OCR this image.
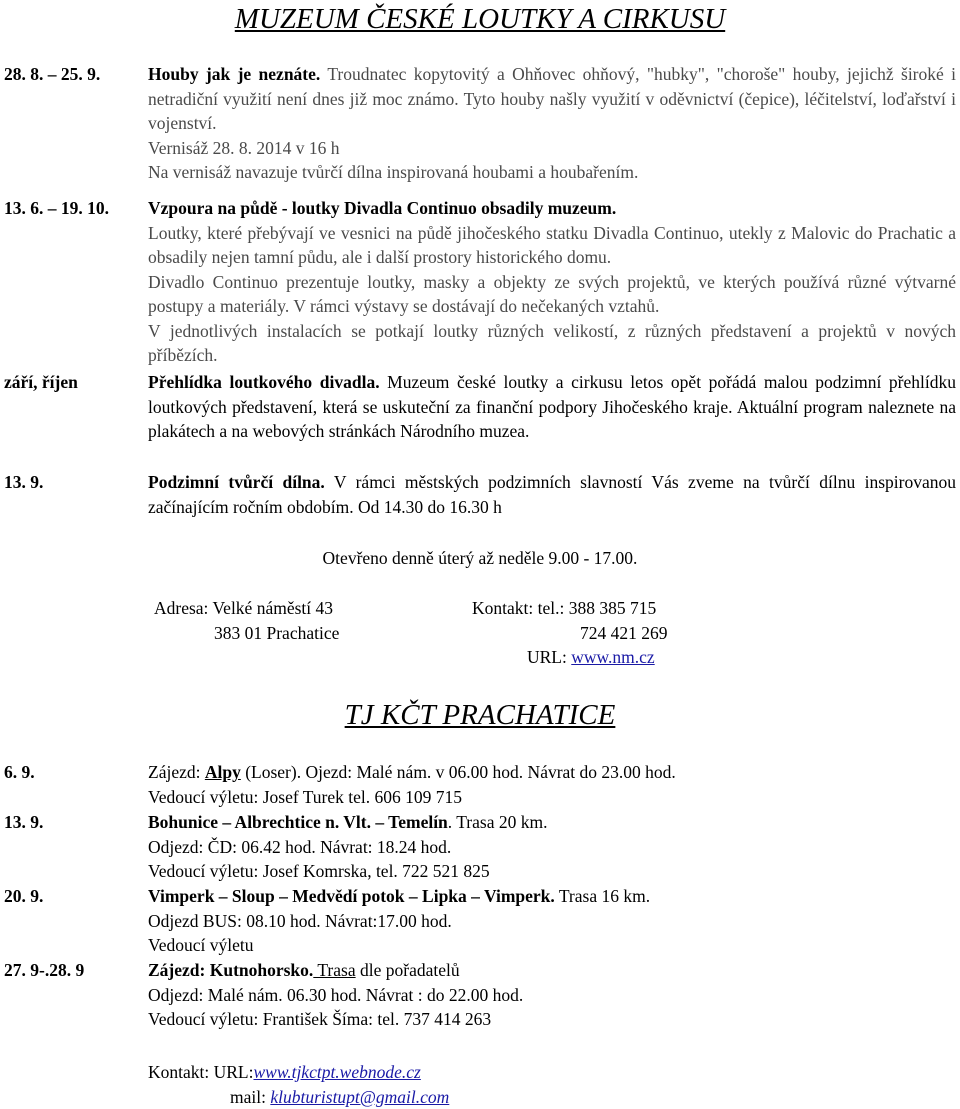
MUZEUM ČESKÉ LOUTKY A CIRKUSU
28. 8. – 25. 9.	Houby jak je neznáte. Troudnatec kopytovitý a Ohňovec ohňový, "hubky", "choroše" houby, jejichž široké i netradiční využití není dnes již moc známo. Tyto houby našly využití v oděvnictví (čepice), léčitelství, loďařství i vojenství.

Vernisáž 28. 8. 2014 v 16 h

Na vernisáž navazuje tvůrčí dílna inspirovaná houbami a houbařením.

13. 6. – 19. 10. Vzpoura na půdě - loutky Divadla Continuo obsadily muzeum.

Loutky, které přebývají ve vesnici na půdě jihočeského statku Divadla Continuo, utekly z Malovic do Prachatic a obsadily nejen tamní půdu, ale i další prostory historického domu.

Divadlo Continuo prezentuje loutky, masky a objekty ze svých projektů, ve kterých používá různé výtvarné postupy a materiály. V rámci výstavy se dostávají do nečekaných vztahů.

V jednotlivých instalacích se potkají loutky různých velikostí, z různých představení a projektů v nových příbězích.

září, říjen	Přehlídka loutkového divadla. Muzeum české loutky a cirkusu letos opět pořádá malou podzimní přehlídku loutkových představení, která se uskuteční za finanční podpory Jihočeského kraje. Aktuální program naleznete na plakátech a na webových stránkách Národního muzea.

13. 9.	Podzimní tvůrčí dílna. V rámci městských podzimních slavností Vás zveme na tvůrčí dílnu inspirovanou začínajícím ročním obdobím. Od 14.30 do 16.30 h

Otevřeno denně úterý až neděle 9.00 - 17.00.
Adresa: Velké náměstí 43	Kontakt: tel.: 388 385 715
383 01 Prachatice	724 421 269
URL: www.nm.cz
TJ KČT PRACHATICE
6. 9.	Zájezd: Alpy (Loser). Ojezd: Malé nám. v 06.00 hod. Návrat do 23.00 hod.

Vedoucí výletu: Josef Turek tel. 606 109 715

13. 9.	Bohunice – Albrechtice n. Vlt. – Temelín. Trasa 20 km.

Odjezd: ČD: 06.42 hod. Návrat: 18.24 hod.

Vedoucí výletu: Josef Komrska, tel. 722 521 825

20. 9.	Vimperk – Sloup – Medvědí potok – Lipka – Vimperk. Trasa 16 km.

Odjezd BUS: 08.10 hod. Návrat:17.00 hod.

Vedoucí výletu

27. 9-.28. 9	Zájezd: Kutnohorsko. Trasa dle pořadatelů

Odjezd: Malé nám. 06.30 hod. Návrat : do 22.00 hod.

Vedoucí výletu: František Šíma: tel. 737 414 263

Kontakt: URL:www.tjkctpt.webnode.cz
mail: klubturistupt@gmail.com
